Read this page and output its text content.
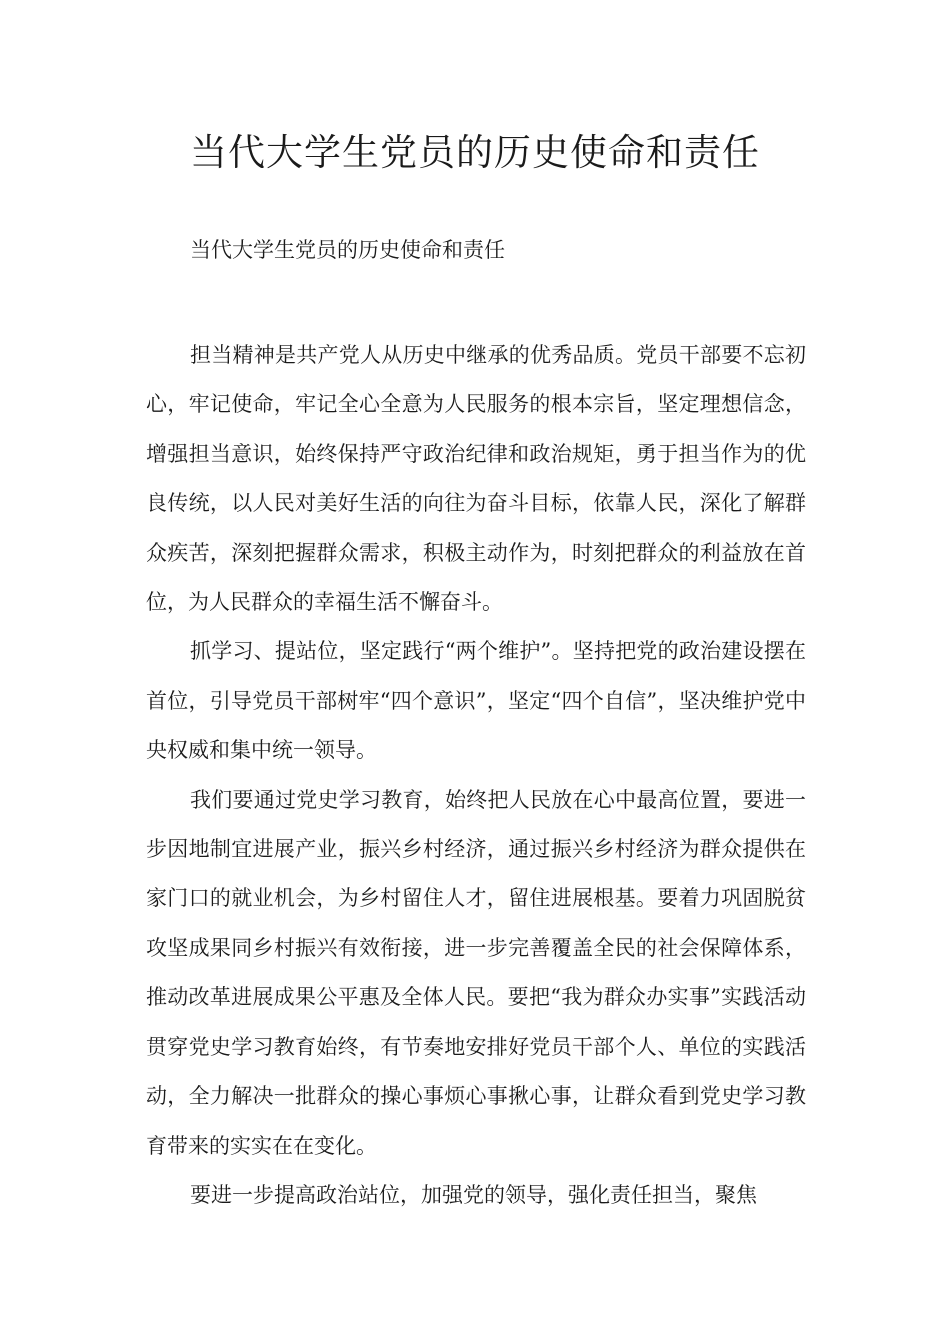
当代大学生党员的历史使命和责任

当代大学生党员的历史使命和责任

担当精神是共产党人从历史中继承的优秀品质。党员干部要不忘初心，牢记使命，牢记全心全意为人民服务的根本宗旨，坚定理想信念，增强担当意识，始终保持严守政治纪律和政治规矩，勇于担当作为的优良传统，以人民对美好生活的向往为奋斗目标，依靠人民，深化了解群众疾苦，深刻把握群众需求，积极主动作为，时刻把群众的利益放在首位，为人民群众的幸福生活不懈奋斗。

抓学习、提站位，坚定践行“两个维护”。坚持把党的政治建设摆在首位，引导党员干部树牢“四个意识”，坚定“四个自信”，坚决维护党中央权威和集中统一领导。

我们要通过党史学习教育，始终把人民放在心中最高位置，要进一步因地制宜进展产业，振兴乡村经济，通过振兴乡村经济为群众提供在家门口的就业机会，为乡村留住人才，留住进展根基。要着力巩固脱贫攻坚成果同乡村振兴有效衔接，进一步完善覆盖全民的社会保障体系，推动改革进展成果公平惠及全体人民。要把“我为群众办实事”实践活动贯穿党史学习教育始终，有节奏地安排好党员干部个人、单位的实践活动，全力解决一批群众的操心事烦心事揪心事，让群众看到党史学习教育带来的实实在在变化。

要进一步提高政治站位，加强党的领导，强化责任担当，聚焦
